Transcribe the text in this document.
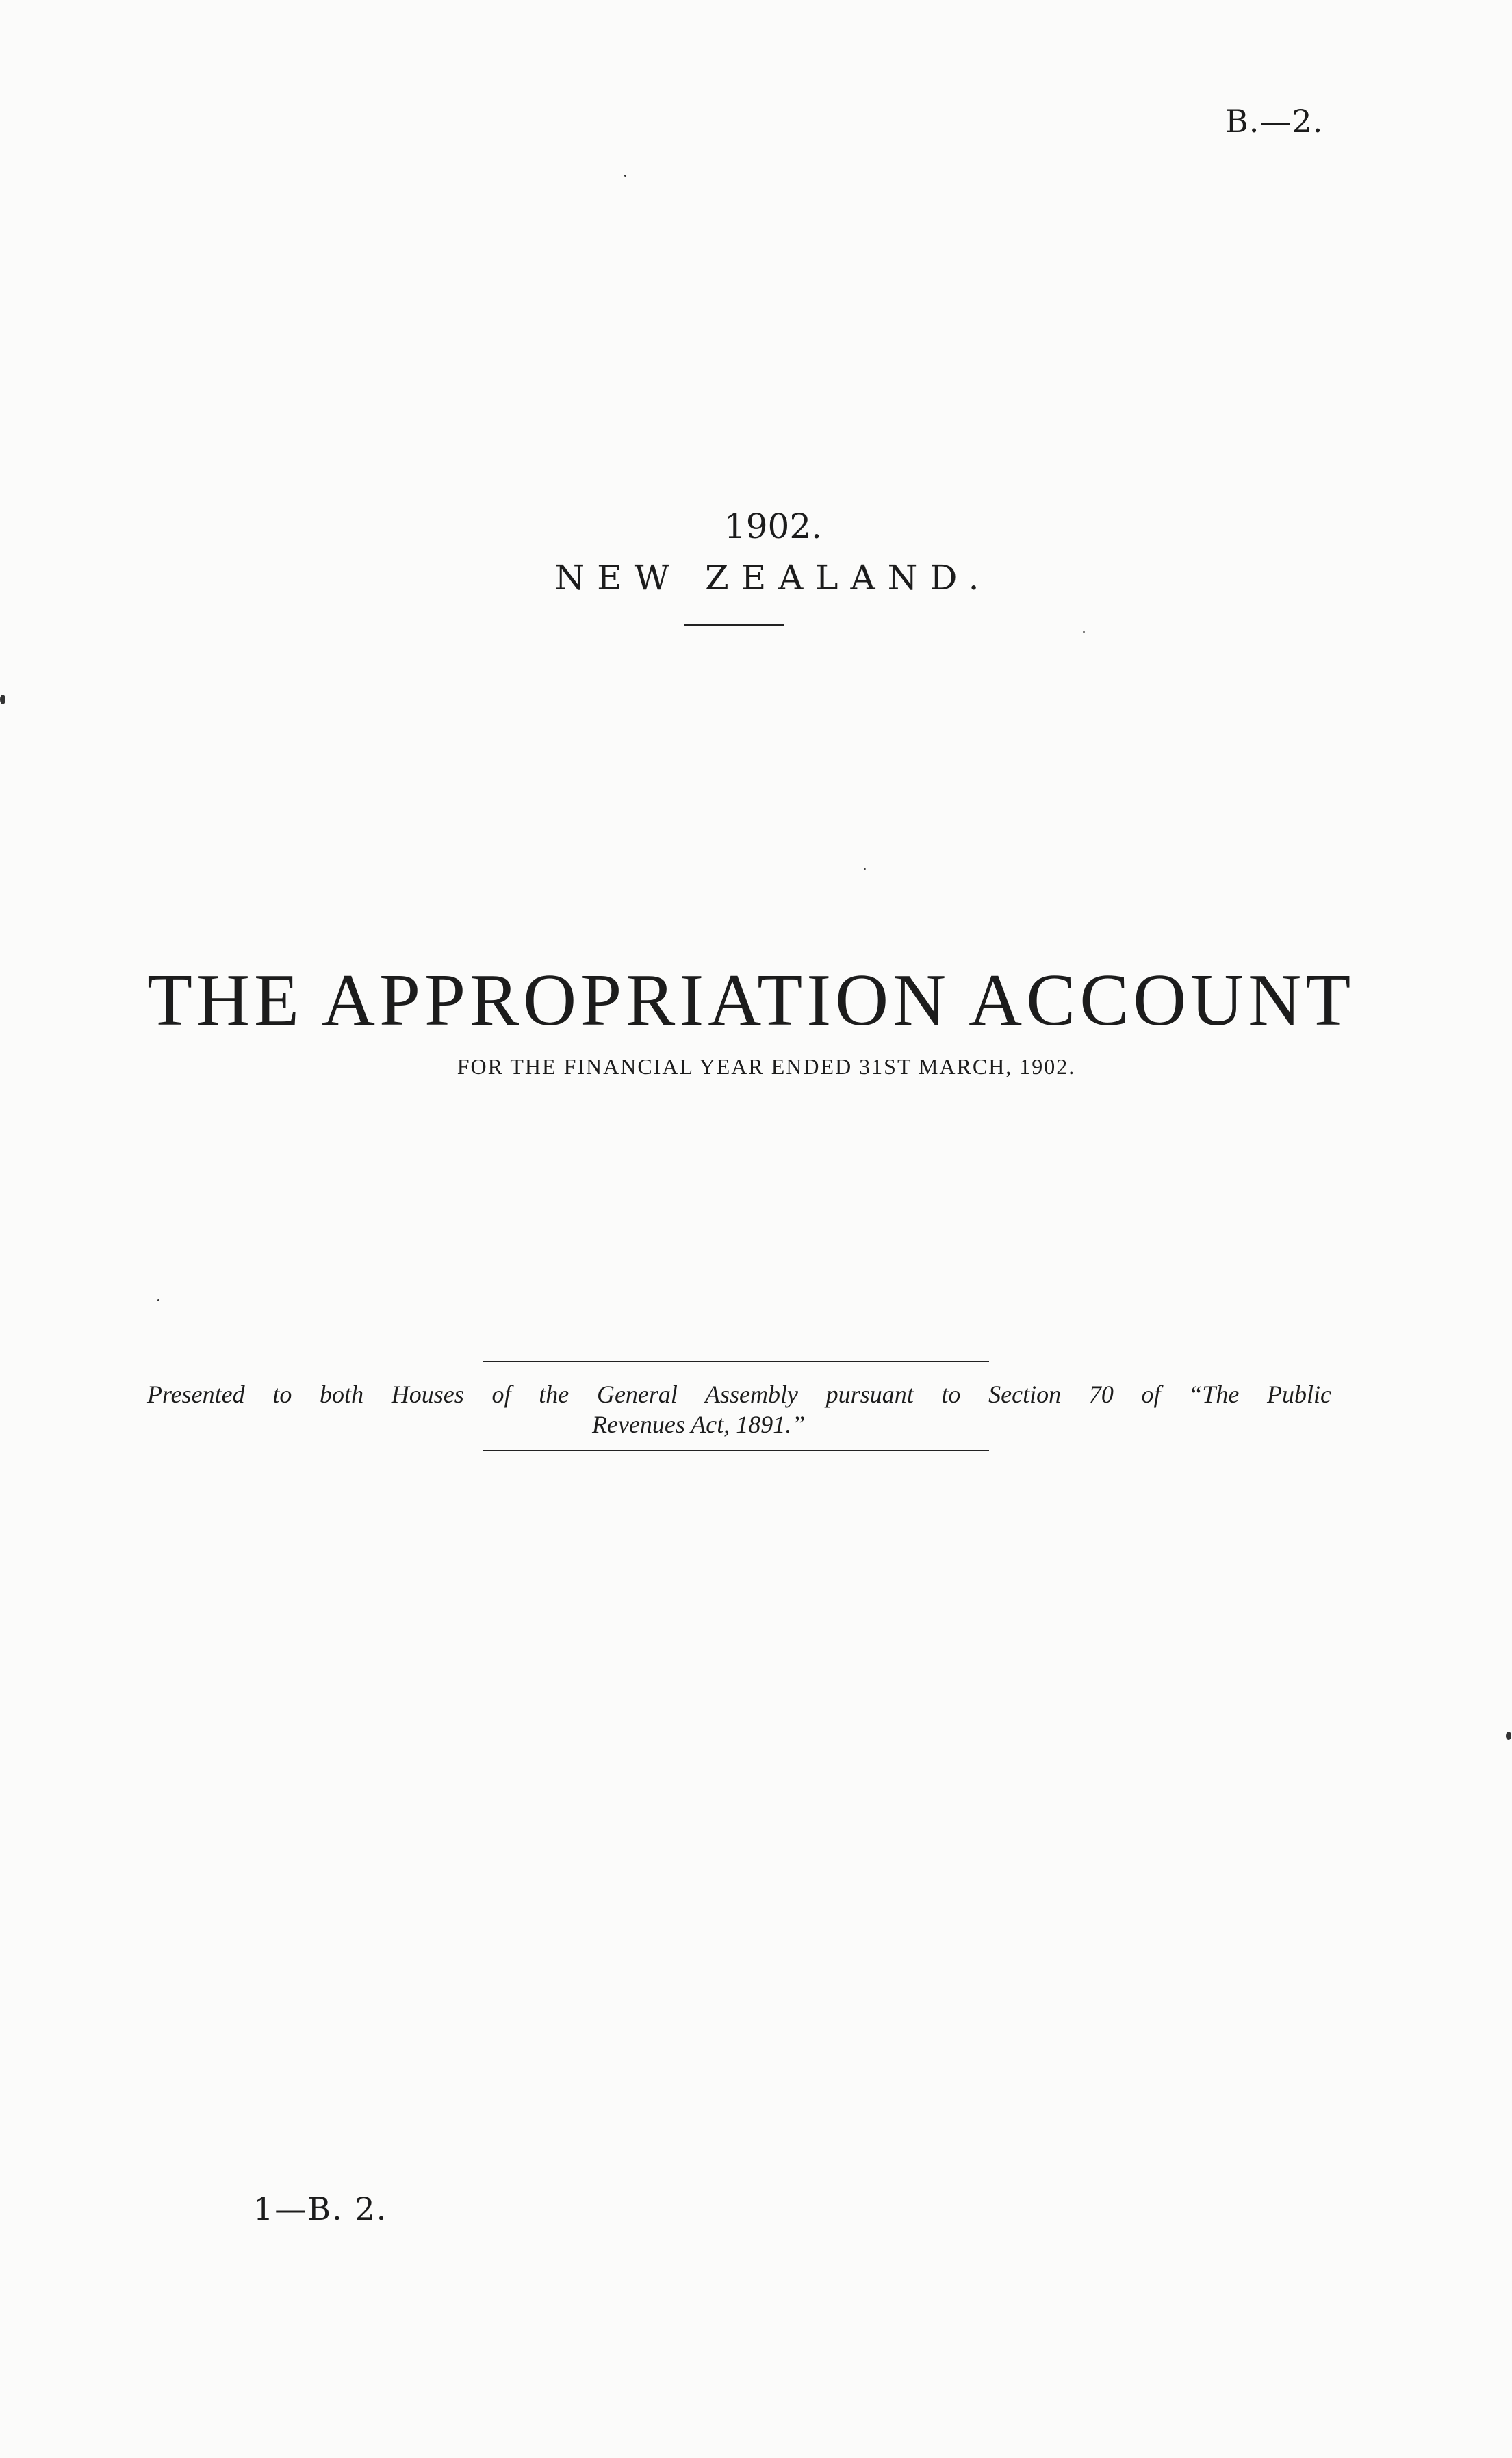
B.—2.
1902.
NEW ZEALAND.
THE APPROPRIATION ACCOUNT
FOR THE FINANCIAL YEAR ENDED 31ST MARCH, 1902.
Presented to both Houses of the General Assembly pursuant to Section 70 of “The Public
Revenues Act, 1891.”
1—B. 2.
